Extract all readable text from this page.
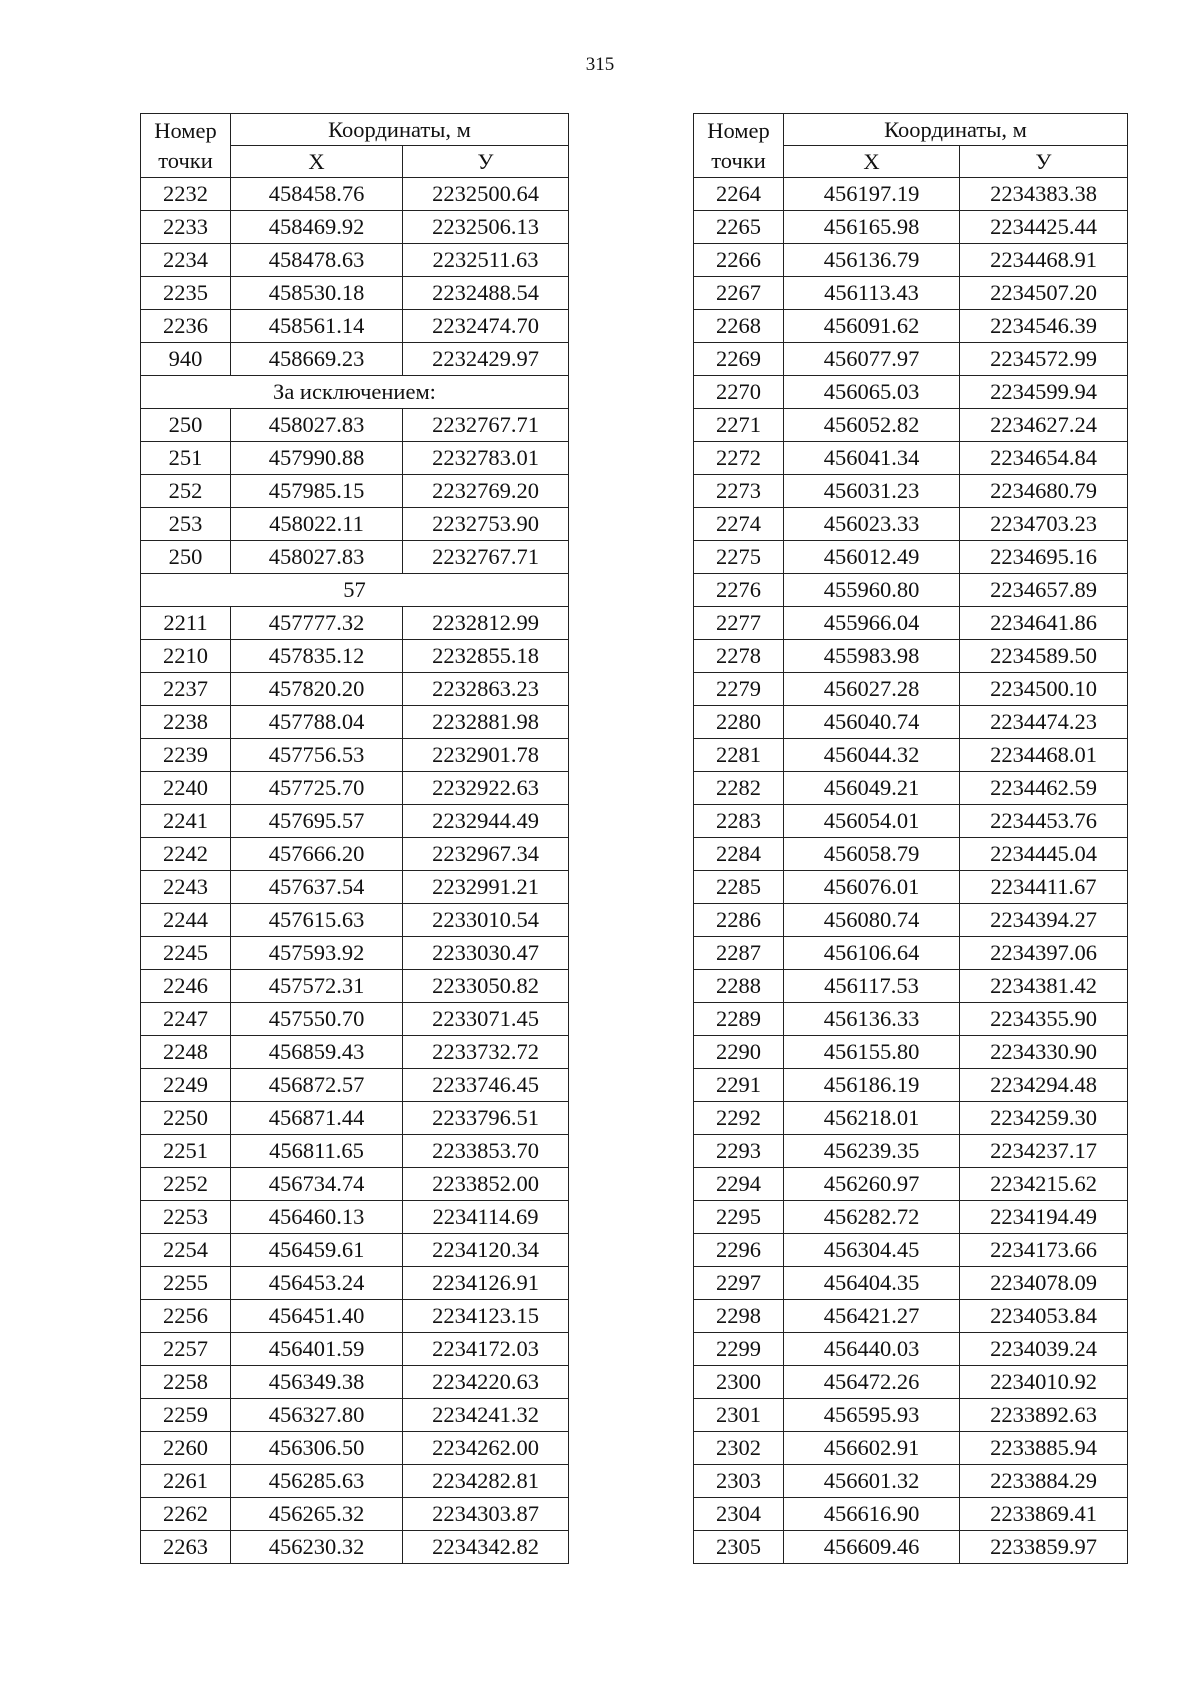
315
Номер
точки	Координаты, м	
	Х	У
2232	458458.76	2232500.64
2233	458469.92	2232506.13
2234	458478.63	2232511.63
2235	458530.18	2232488.54
2236	458561.14	2232474.70
940	458669.23	2232429.97
За исключением:		
250	458027.83	2232767.71
251	457990.88	2232783.01
252	457985.15	2232769.20
253	458022.11	2232753.90
250	458027.83	2232767.71
57		
2211	457777.32	2232812.99
2210	457835.12	2232855.18
2237	457820.20	2232863.23
2238	457788.04	2232881.98
2239	457756.53	2232901.78
2240	457725.70	2232922.63
2241	457695.57	2232944.49
2242	457666.20	2232967.34
2243	457637.54	2232991.21
2244	457615.63	2233010.54
2245	457593.92	2233030.47
2246	457572.31	2233050.82
2247	457550.70	2233071.45
2248	456859.43	2233732.72
2249	456872.57	2233746.45
2250	456871.44	2233796.51
2251	456811.65	2233853.70
2252	456734.74	2233852.00
2253	456460.13	2234114.69
2254	456459.61	2234120.34
2255	456453.24	2234126.91
2256	456451.40	2234123.15
2257	456401.59	2234172.03
2258	456349.38	2234220.63
2259	456327.80	2234241.32
2260	456306.50	2234262.00
2261	456285.63	2234282.81
2262	456265.32	2234303.87
2263	456230.32	2234342.82
Номер
точки	Координаты, м	
	Х	У
2264	456197.19	2234383.38
2265	456165.98	2234425.44
2266	456136.79	2234468.91
2267	456113.43	2234507.20
2268	456091.62	2234546.39
2269	456077.97	2234572.99
2270	456065.03	2234599.94
2271	456052.82	2234627.24
2272	456041.34	2234654.84
2273	456031.23	2234680.79
2274	456023.33	2234703.23
2275	456012.49	2234695.16
2276	455960.80	2234657.89
2277	455966.04	2234641.86
2278	455983.98	2234589.50
2279	456027.28	2234500.10
2280	456040.74	2234474.23
2281	456044.32	2234468.01
2282	456049.21	2234462.59
2283	456054.01	2234453.76
2284	456058.79	2234445.04
2285	456076.01	2234411.67
2286	456080.74	2234394.27
2287	456106.64	2234397.06
2288	456117.53	2234381.42
2289	456136.33	2234355.90
2290	456155.80	2234330.90
2291	456186.19	2234294.48
2292	456218.01	2234259.30
2293	456239.35	2234237.17
2294	456260.97	2234215.62
2295	456282.72	2234194.49
2296	456304.45	2234173.66
2297	456404.35	2234078.09
2298	456421.27	2234053.84
2299	456440.03	2234039.24
2300	456472.26	2234010.92
2301	456595.93	2233892.63
2302	456602.91	2233885.94
2303	456601.32	2233884.29
2304	456616.90	2233869.41
2305	456609.46	2233859.97
